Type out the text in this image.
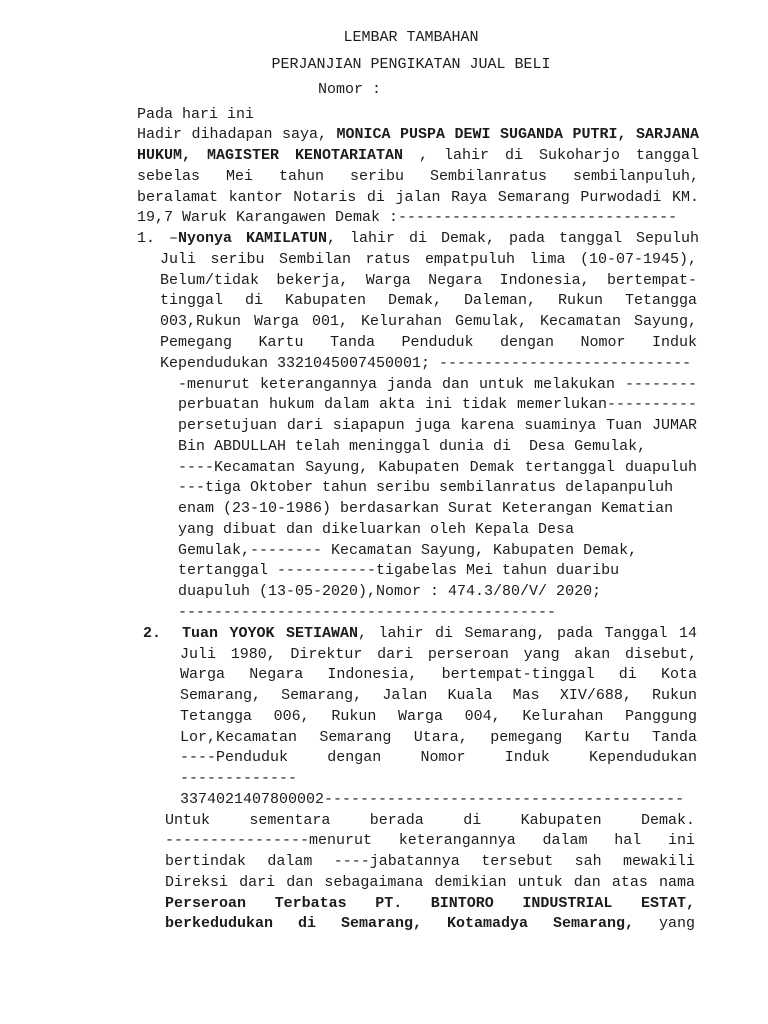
LEMBAR TAMBAHAN
PERJANJIAN PENGIKATAN JUAL BELI
Nomor :
Pada hari ini
Hadir dihadapan saya, MONICA PUSPA DEWI SUGANDA PUTRI, SARJANA
HUKUM, MAGISTER KENOTARIATAN , lahir di Sukoharjo tanggal
sebelas Mei tahun seribu Sembilanratus sembilanpuluh,
beralamat kantor Notaris di jalan Raya Semarang Purwodadi KM.
19,7 Waruk Karangawen Demak :-------------------------------
1. –Nyonya KAMILATUN, lahir di Demak, pada tanggal Sepuluh
Juli seribu Sembilan ratus empatpuluh lima (10-07-1945),
Belum/tidak bekerja, Warga Negara Indonesia, bertempat-
tinggal di Kabupaten Demak, Daleman, Rukun Tetangga
003,Rukun Warga 001, Kelurahan Gemulak, Kecamatan Sayung,
Pemegang Kartu Tanda Penduduk dengan Nomor Induk
Kependudukan 3321045007450001; ----------------------------
-menurut keterangannya janda dan untuk melakukan --------
perbuatan hukum dalam akta ini tidak memerlukan----------
persetujuan dari siapapun juga karena suaminya Tuan JUMAR
Bin ABDULLAH telah meninggal dunia di  Desa Gemulak,
----Kecamatan Sayung, Kabupaten Demak tertanggal duapuluh
---tiga Oktober tahun seribu sembilanratus delapanpuluh
enam (23-10-1986) berdasarkan Surat Keterangan Kematian
yang dibuat dan dikeluarkan oleh Kepala Desa
Gemulak,-------- Kecamatan Sayung, Kabupaten Demak,
tertanggal -----------tigabelas Mei tahun duaribu
duapuluh (13-05-2020),Nomor : 474.3/80/V/ 2020;
------------------------------------------
2. Tuan YOYOK SETIAWAN, lahir di Semarang, pada Tanggal 14
Juli 1980, Direktur dari perseroan yang akan disebut,
Warga Negara Indonesia, bertempat-tinggal di Kota
Semarang, Semarang, Jalan Kuala Mas XIV/688, Rukun
Tetangga 006, Rukun Warga 004, Kelurahan Panggung
Lor,Kecamatan Semarang Utara, pemegang Kartu Tanda
----Penduduk dengan Nomor Induk Kependudukan
-------------
3374021407800002----------------------------------------
Untuk sementara berada di Kabupaten Demak.
----------------menurut keterangannya dalam hal ini
bertindak dalam ----jabatannya tersebut sah mewakili
Direksi dari dan sebagaimana demikian untuk dan atas nama
Perseroan Terbatas PT. BINTORO INDUSTRIAL ESTAT,
berkedudukan di Semarang, Kotamadya Semarang, yang
